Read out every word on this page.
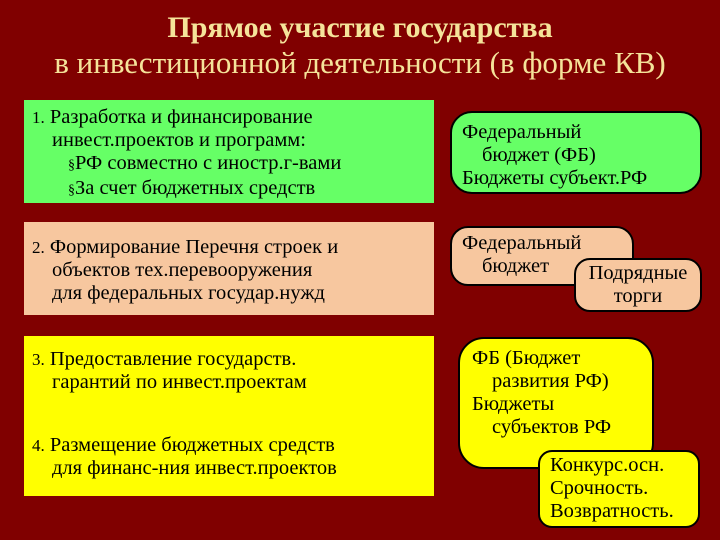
Прямое участие государства
в инвестиционной деятельности (в форме КВ)
1. Разработка и финансирование
инвест.проектов и программ:
§РФ совместно с иностр.г-вами
§За счет бюджетных средств
2. Формирование Перечня строек и
объектов тех.перевооружения
для федеральных государ.нужд
3. Предоставление государств.
гарантий по инвест.проектам
4. Размещение бюджетных средств
для финанс-ния инвест.проектов
Федеральный
бюджет (ФБ)
Бюджеты субъект.РФ
Федеральный
бюджет	Подрядные
торги
ФБ (Бюджет
развития РФ)
Бюджеты
субъектов РФ
Конкурс.осн.
Срочность.
Возвратность.
